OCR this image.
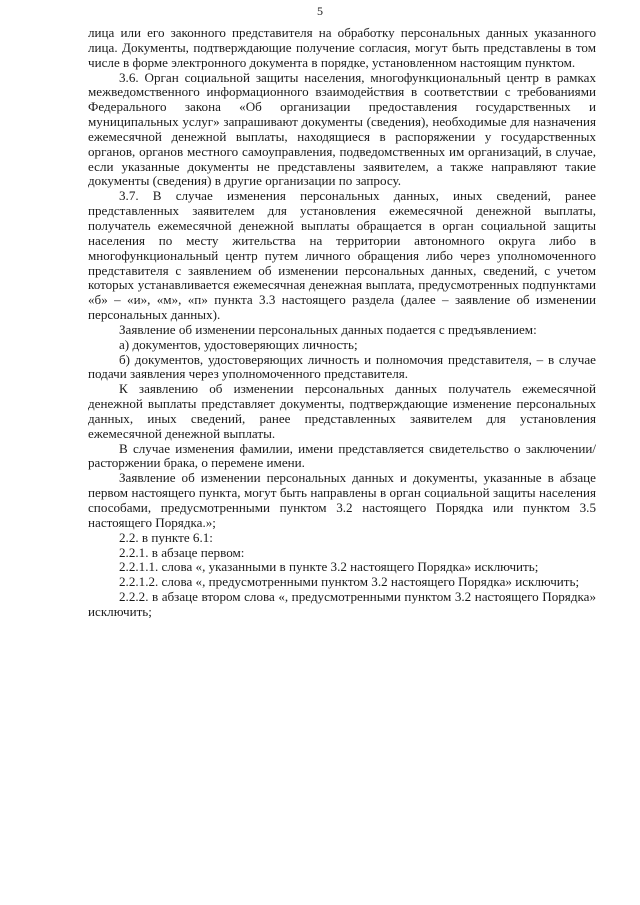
5

лица или его законного представителя на обработку персональных данных указанного лица. Документы, подтверждающие получение согласия, могут быть представлены в том числе в форме электронного документа в порядке, установленном настоящим пунктом.

3.6. Орган социальной защиты населения, многофункциональный центр в рамках межведомственного информационного взаимодействия в соответствии с требованиями Федерального закона «Об организации предоставления государственных и муниципальных услуг» запрашивают документы (сведения), необходимые для назначения ежемесячной денежной выплаты, находящиеся в распоряжении у государственных органов, органов местного самоуправления, подведомственных им организаций, в случае, если указанные документы не представлены заявителем, а также направляют такие документы (сведения) в другие организации по запросу.

3.7. В случае изменения персональных данных, иных сведений, ранее представленных заявителем для установления ежемесячной денежной выплаты, получатель ежемесячной денежной выплаты обращается в орган социальной защиты населения по месту жительства на территории автономного округа либо в многофункциональный центр путем личного обращения либо через уполномоченного представителя с заявлением об изменении персональных данных, сведений, с учетом которых устанавливается ежемесячная денежная выплата, предусмотренных подпунктами «б» – «и», «м», «п» пункта 3.3 настоящего раздела (далее – заявление об изменении персональных данных).

Заявление об изменении персональных данных подается с предъявлением:

а) документов, удостоверяющих личность;

б) документов, удостоверяющих личность и полномочия представителя, – в случае подачи заявления через уполномоченного представителя.

К заявлению об изменении персональных данных получатель ежемесячной денежной выплаты представляет документы, подтверждающие изменение персональных данных, иных сведений, ранее представленных заявителем для установления ежемесячной денежной выплаты.

В случае изменения фамилии, имени представляется свидетельство о заключении/расторжении брака, о перемене имени.

Заявление об изменении персональных данных и документы, указанные в абзаце первом настоящего пункта, могут быть направлены в орган социальной защиты населения способами, предусмотренными пунктом 3.2 настоящего Порядка или пунктом 3.5 настоящего Порядка.»;

2.2. в пункте 6.1:

2.2.1. в абзаце первом:

2.2.1.1. слова «, указанными в пункте 3.2 настоящего Порядка» исключить;

2.2.1.2. слова «, предусмотренными пунктом 3.2 настоящего Порядка» исключить;

2.2.2. в абзаце втором слова «, предусмотренными пунктом 3.2 настоящего Порядка» исключить;
